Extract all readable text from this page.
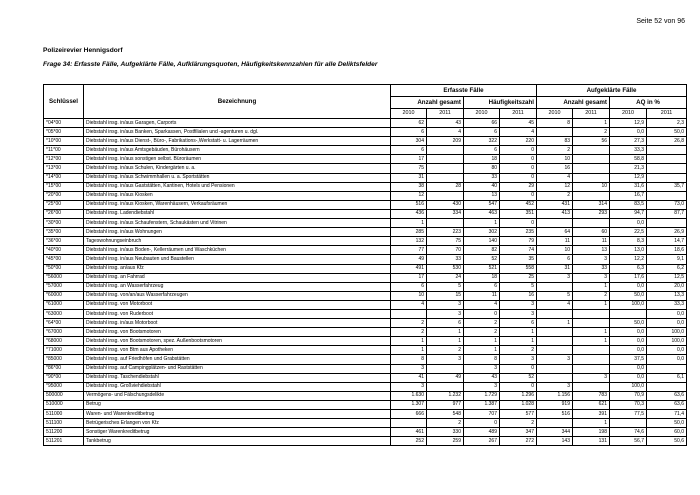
Seite 52 von 96
Polizeirevier Hennigsdorf
Frage 34: Erfasste Fälle, Aufgeklärte Fälle, Aufklärungsquoten, Häufigkeitskennzahlen für alle Deliktsfelder
Schlüssel	Bezeichnung	Erfasste Fälle				Aufgeklärte Fälle			
		Anzahl gesamt		Häufigkeitszahl		Anzahl gesamt		AQ in %	
		2010	2011	2010	2011	2010	2011	2010	2011
*04*00	Diebstahl insg. in/aus Garagen, Carports	62	43	66	45	8	1	12,9	2,3
*05*00	Diebstahl insg. in/aus Banken, Sparkassen, Postfilialen und -agenturen u. dgl.	6	4	6	4		2	0,0	50,0
*10*00	Diebstahl insg. in/aus Dienst-, Büro-, Fabrikations-,Werkstatt- u. Lagerräumen	304	209	322	220	83	56	27,3	26,8
*11*00	Diebstahl insg. in/aus Amtsgebäuden, Bürohäusern	6		6	0	2		33,3	
*12*00	Diebstahl insg. in/aus sonstigen selbst. Büroräumen	17		18	0	10		58,8	
*13*00	Diebstahl insg. in/aus Schulen, Kindergärten u. a.	75		80	0	16		21,3	
*14*00	Diebstahl insg. in/aus Schwimmhallen u. a. Sportstätten	31		33	0	4		12,9	
*15*00	Diebstahl insg. in/aus Gaststätten, Kantinen, Hotels und Pensionen	38	28	40	29	12	10	31,6	35,7
*20*00	Diebstahl insg. in/aus Kiosken	12		13	0	2		16,7	
*25*00	Diebstahl insg. in/aus Kiosken, Warenhäusern, Verkaufsräumen	516	430	547	452	431	314	83,5	73,0
*26*00	Diebstahl insg. Ladendiebstahl	436	334	463	351	413	293	94,7	87,7
*30*00	Diebstahl insg. in/aus Schaufenstern, Schaukästen und Vitrinen	1		1	0			0,0	
*35*00	Diebstahl insg. in/aus Wohnungen	285	223	302	235	64	60	22,5	26,9
*36*00	Tageswohnungseinbruch	132	75	140	79	11	11	8,3	14,7
*40*00	Diebstahl insg. in/aus Boden-, Kellerräumen und Waschküchen	77	70	82	74	10	13	13,0	18,6
*45*00	Diebstahl insg. in/aus Neubauten und Baustellen	49	33	52	35	6	3	12,2	9,1
*50*00	Diebstahl insg. an/aus Kfz	491	530	521	558	31	33	6,3	6,2
*56000	Diebstahl insg. an Fahrrad	17	24	18	25	3	3	17,6	12,5
*57000	Diebstahl insg. an Wasserfahrzeug	6	5	6	5		1	0,0	20,0
*60000	Diebstahl insg. von/an/aus Wasserfahrzeugen	10	15	11	16	5	2	50,0	13,3
*61000	Diebstahl insg. von Motorboot	4	3	4	3	4	1	100,0	33,3
*63000	Diebstahl insg. von Ruderboot		3	0	3				0,0
*64*00	Diebstahl insg. in/aus Motorboot	2	6	2	6	1		50,0	0,0
*67000	Diebstahl insg. von Bootsmotoren	2	1	2	1		1	0,0	100,0
*68000	Diebstahl insg. von Bootsmotoren, spez. Außenbootsmotoren	1	1	1	1		1	0,0	100,0
*71000	Diebstahl insg. von Btm aus Apotheken	1	2	1	2			0,0	0,0
*85000	Diebstahl insg. auf Friedhöfen und Grabstätten	8	3	8	3	3		37,5	0,0
*86*00	Diebstahl insg. auf Campingplätzen- und Raststätten	3		3	0			0,0	
*90*00	Diebstahl insg. Taschendiebstahl	41	49	43	52		3	0,0	6,1
*95000	Diebstahl insg. Großviehdiebstahl	3		3	0	3		100,0	
500000	Vermögens- und Fälschungsdelikte	1.630	1.232	1.729	1.296	1.156	783	70,9	63,6
510000	Betrug	1.307	977	1.387	1.028	919	621	70,3	63,6
511000	Waren- und Warenkreditbetrug	666	548	707	577	516	391	77,5	71,4
511100	Betrügerisches Erlangen von Kfz		2	0	2		1		50,0
511200	Sonstiger Warenkreditbetrug	461	330	489	347	344	198	74,6	60,0
511201	Tankbetrug	252	259	267	272	143	131	56,7	50,6
